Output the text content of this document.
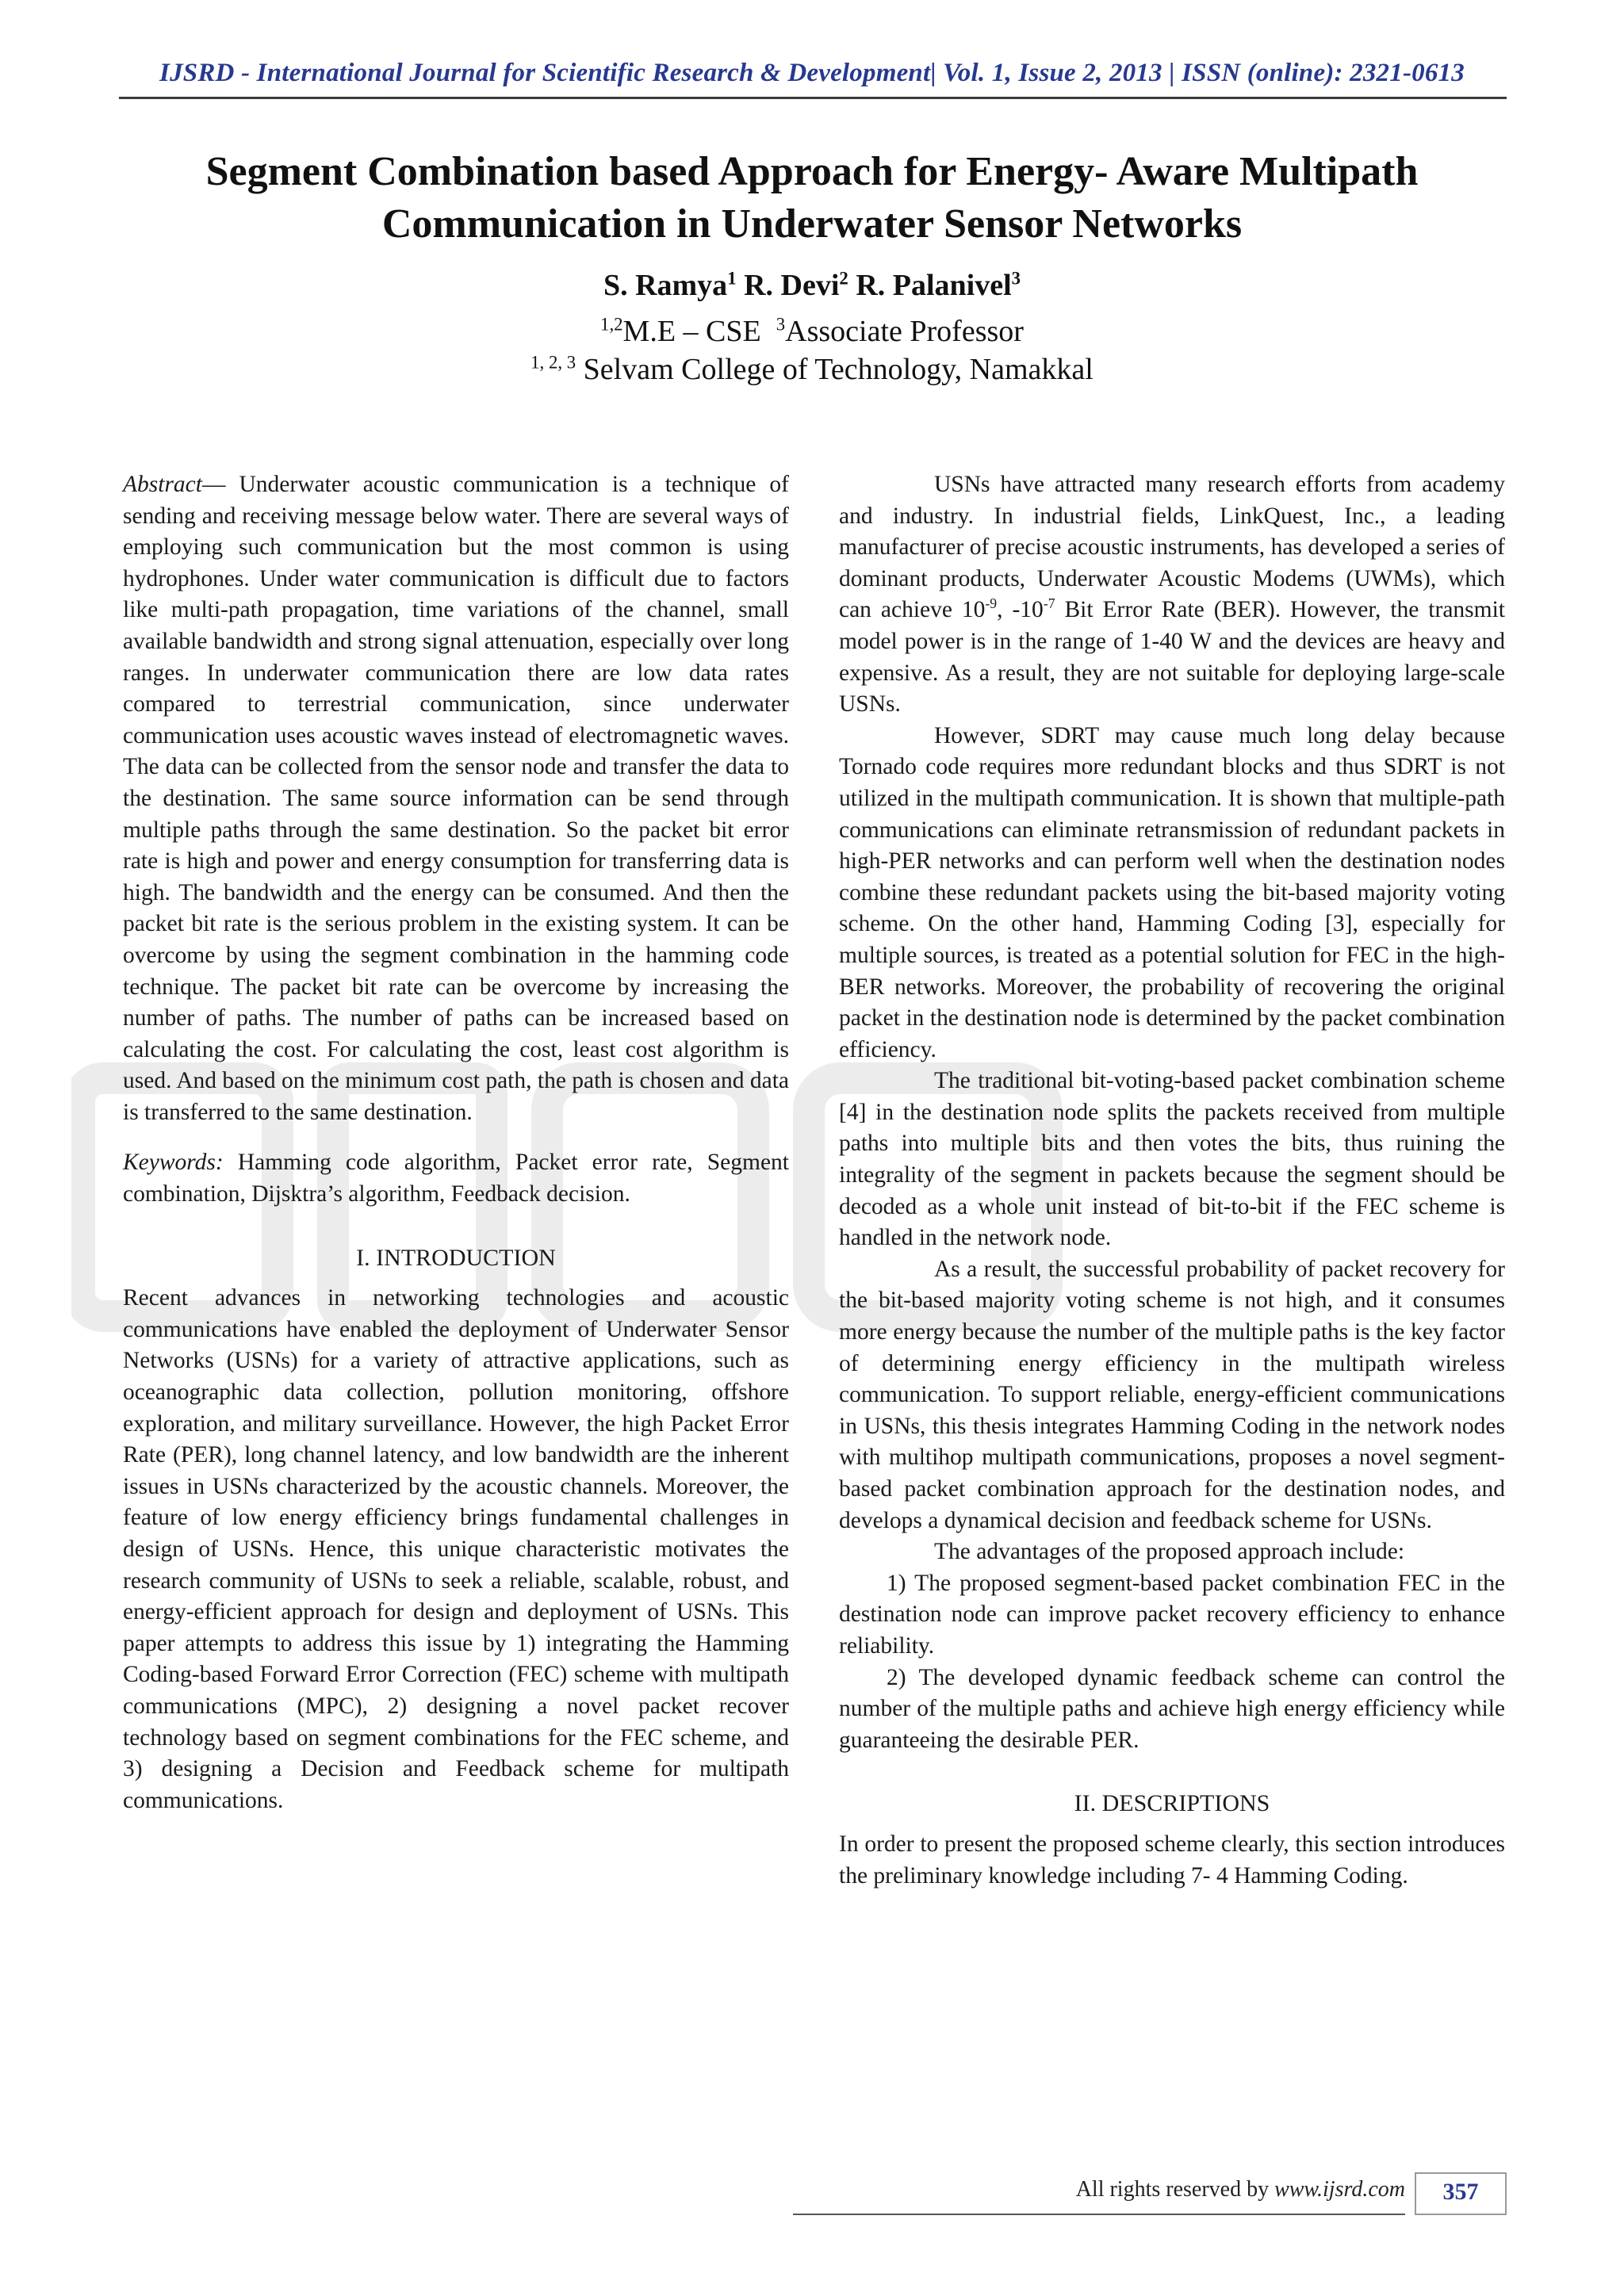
IJSRD - International Journal for Scientific Research & Development| Vol. 1, Issue 2, 2013 | ISSN (online): 2321-0613
Segment Combination based Approach for Energy- Aware Multipath
Communication in Underwater Sensor Networks
S. Ramya$^1$ R. Devi$^2$ R. Palanivel$^3$
$^{1,2}$M.E – CSE $^3$Associate Professor
$^{1, 2, 3}$ Selvam College of Technology, Namakkal

Abstract— Underwater acoustic communication is a technique of sending and receiving message below water. There are several ways of employing such communication but the most common is using hydrophones. Under water communication is difficult due to factors like multi-path propagation, time variations of the channel, small available bandwidth and strong signal attenuation, especially over long ranges. In underwater communication there are low data rates compared to terrestrial communication, since underwater communication uses acoustic waves instead of electromagnetic waves. The data can be collected from the sensor node and transfer the data to the destination. The same source information can be send through multiple paths through the same destination. So the packet bit error rate is high and power and energy consumption for transferring data is high. The bandwidth and the energy can be consumed. And then the packet bit rate is the serious problem in the existing system. It can be overcome by using the segment combination in the hamming code technique. The packet bit rate can be overcome by increasing the number of paths. The number of paths can be increased based on calculating the cost. For calculating the cost, least cost algorithm is used. And based on the minimum cost path, the path is chosen and data is transferred to the same destination.

Keywords: Hamming code algorithm, Packet error rate, Segment combination, Dijsktra’s algorithm, Feedback decision.

I. INTRODUCTION

Recent advances in networking technologies and acoustic communications have enabled the deployment of Underwater Sensor Networks (USNs) for a variety of attractive applications, such as oceanographic data collection, pollution monitoring, offshore exploration, and military surveillance. However, the high Packet Error Rate (PER), long channel latency, and low bandwidth are the inherent issues in USNs characterized by the acoustic channels. Moreover, the feature of low energy efficiency brings fundamental challenges in design of USNs. Hence, this unique characteristic motivates the research community of USNs to seek a reliable, scalable, robust, and energy-efficient approach for design and deployment of USNs. This paper attempts to address this issue by 1) integrating the Hamming Coding-based Forward Error Correction (FEC) scheme with multipath communications (MPC), 2) designing a novel packet recover technology based on segment combinations for the FEC scheme, and 3) designing a Decision and Feedback scheme for multipath communications.

USNs have attracted many research efforts from academy and industry. In industrial fields, LinkQuest, Inc., a leading manufacturer of precise acoustic instruments, has developed a series of dominant products, Underwater Acoustic Modems (UWMs), which can achieve $10^{-9}$, $-10^{-7}$ Bit Error Rate (BER). However, the transmit model power is in the range of 1-40 W and the devices are heavy and expensive. As a result, they are not suitable for deploying large-scale USNs.

However, SDRT may cause much long delay because Tornado code requires more redundant blocks and thus SDRT is not utilized in the multipath communication. It is shown that multiple-path communications can eliminate retransmission of redundant packets in high-PER networks and can perform well when the destination nodes combine these redundant packets using the bit-based majority voting scheme. On the other hand, Hamming Coding [3], especially for multiple sources, is treated as a potential solution for FEC in the high-BER networks. Moreover, the probability of recovering the original packet in the destination node is determined by the packet combination efficiency.

The traditional bit-voting-based packet combination scheme [4] in the destination node splits the packets received from multiple paths into multiple bits and then votes the bits, thus ruining the integrality of the segment in packets because the segment should be decoded as a whole unit instead of bit-to-bit if the FEC scheme is handled in the network node.

As a result, the successful probability of packet recovery for the bit-based majority voting scheme is not high, and it consumes more energy because the number of the multiple paths is the key factor of determining energy efficiency in the multipath wireless communication. To support reliable, energy-efficient communications in USNs, this thesis integrates Hamming Coding in the network nodes with multihop multipath communications, proposes a novel segment-based packet combination approach for the destination nodes, and develops a dynamical decision and feedback scheme for USNs.

The advantages of the proposed approach include:

1) The proposed segment-based packet combination FEC in the destination node can improve packet recovery efficiency to enhance reliability.

2) The developed dynamic feedback scheme can control the number of the multiple paths and achieve high energy efficiency while guaranteeing the desirable PER.

II. DESCRIPTIONS

In order to present the proposed scheme clearly, this section introduces the preliminary knowledge including 7- 4 Hamming Coding.

All rights reserved by www.ijsrd.com	357
